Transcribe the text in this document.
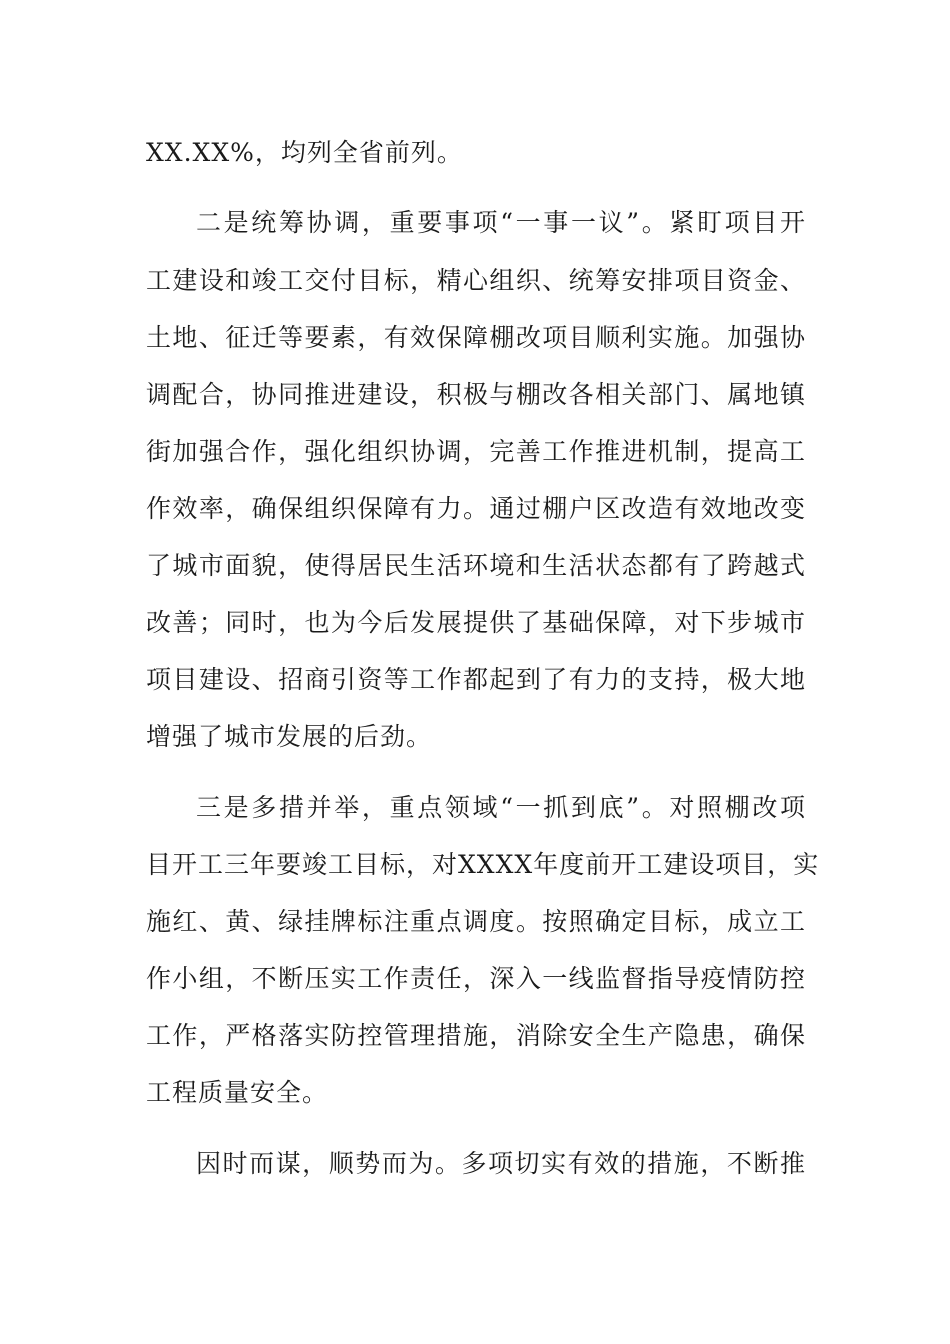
XX.XX%，均列全省前列。
二是统筹协调，重要事项“一事一议”。紧盯项目开
工建设和竣工交付目标，精心组织、统筹安排项目资金、
土地、征迁等要素，有效保障棚改项目顺利实施。加强协
调配合，协同推进建设，积极与棚改各相关部门、属地镇
街加强合作，强化组织协调，完善工作推进机制，提高工
作效率，确保组织保障有力。通过棚户区改造有效地改变
了城市面貌，使得居民生活环境和生活状态都有了跨越式
改善；同时，也为今后发展提供了基础保障，对下步城市
项目建设、招商引资等工作都起到了有力的支持，极大地
增强了城市发展的后劲。
三是多措并举，重点领域“一抓到底”。对照棚改项
目开工三年要竣工目标，对XXXX年度前开工建设项目，实
施红、黄、绿挂牌标注重点调度。按照确定目标，成立工
作小组，不断压实工作责任，深入一线监督指导疫情防控
工作，严格落实防控管理措施，消除安全生产隐患，确保
工程质量安全。
因时而谋，顺势而为。多项切实有效的措施，不断推
